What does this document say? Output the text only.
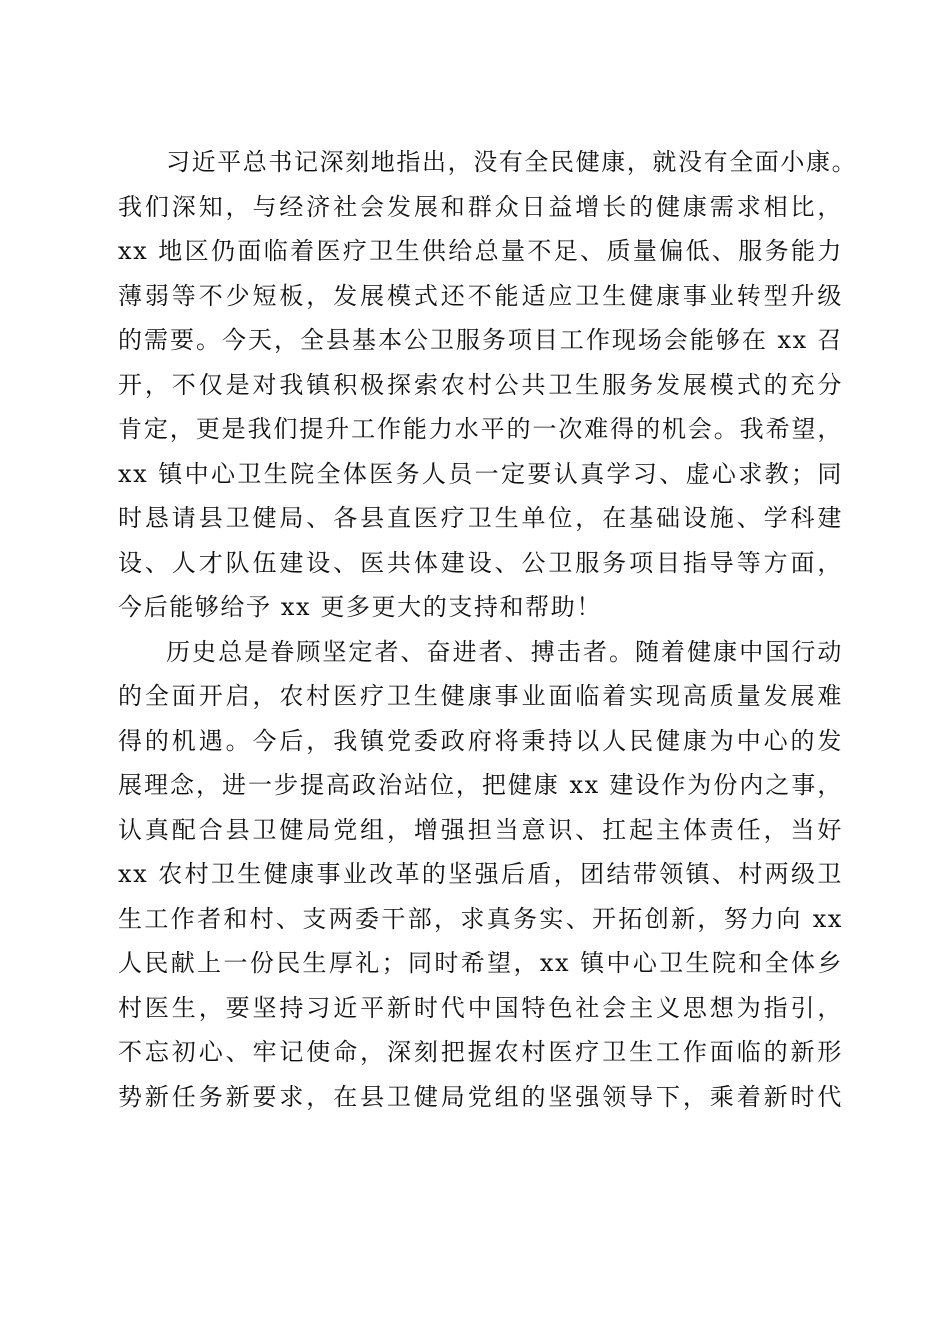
习近平总书记深刻地指出，没有全民健康，就没有全面小康。
我们深知，与经济社会发展和群众日益增长的健康需求相比，
xx 地区仍面临着医疗卫生供给总量不足、质量偏低、服务能力
薄弱等不少短板，发展模式还不能适应卫生健康事业转型升级
的需要。今天，全县基本公卫服务项目工作现场会能够在 xx 召
开，不仅是对我镇积极探索农村公共卫生服务发展模式的充分
肯定，更是我们提升工作能力水平的一次难得的机会。我希望，
xx 镇中心卫生院全体医务人员一定要认真学习、虚心求教；同
时恳请县卫健局、各县直医疗卫生单位，在基础设施、学科建
设、人才队伍建设、医共体建设、公卫服务项目指导等方面，
今后能够给予 xx 更多更大的支持和帮助！
历史总是眷顾坚定者、奋进者、搏击者。随着健康中国行动
的全面开启，农村医疗卫生健康事业面临着实现高质量发展难
得的机遇。今后，我镇党委政府将秉持以人民健康为中心的发
展理念，进一步提高政治站位，把健康 xx 建设作为份内之事，
认真配合县卫健局党组，增强担当意识、扛起主体责任，当好
xx 农村卫生健康事业改革的坚强后盾，团结带领镇、村两级卫
生工作者和村、支两委干部，求真务实、开拓创新，努力向 xx
人民献上一份民生厚礼；同时希望，xx 镇中心卫生院和全体乡
村医生，要坚持习近平新时代中国特色社会主义思想为指引，
不忘初心、牢记使命，深刻把握农村医疗卫生工作面临的新形
势新任务新要求，在县卫健局党组的坚强领导下，乘着新时代
